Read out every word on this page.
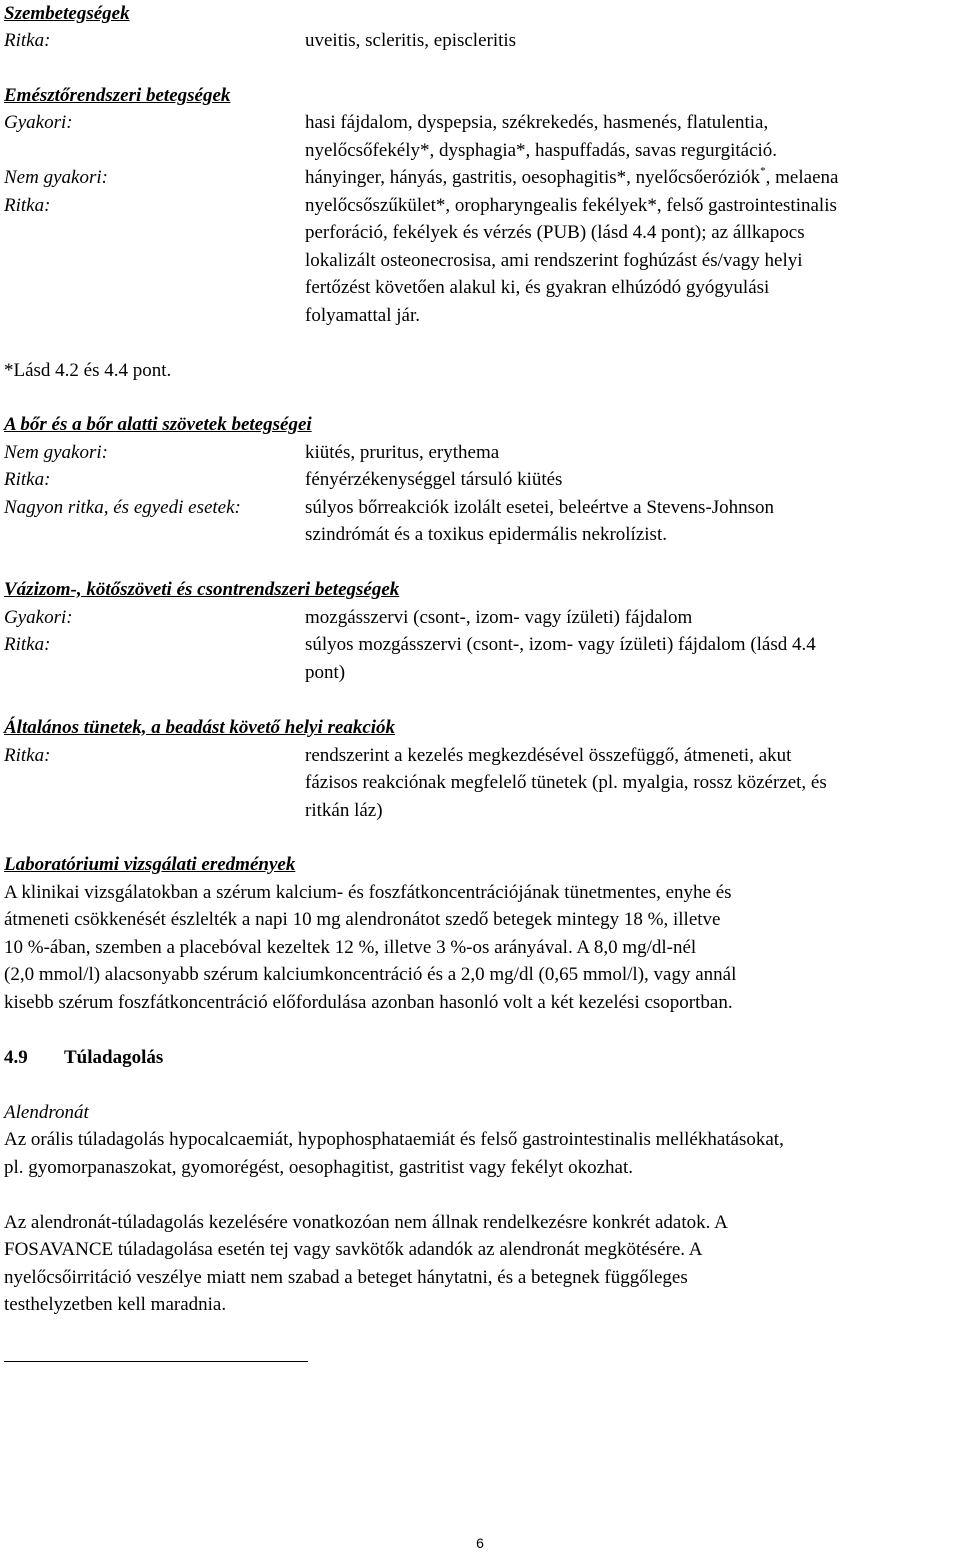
Szembetegségek
Ritka:	uveitis, scleritis, episcleritis
Emésztőrendszeri betegségek
Gyakori:	hasi fájdalom, dyspepsia, székrekedés, hasmenés, flatulentia,
nyelőcsőfekély*, dysphagia*, haspuffadás, savas regurgitáció.
Nem gyakori:	hányinger, hányás, gastritis, oesophagitis*, nyelőcsőeróziók*, melaena
Ritka:	nyelőcsőszűkület*, oropharyngealis fekélyek*, felső gastrointestinalis
perforáció, fekélyek és vérzés (PUB) (lásd 4.4 pont); az állkapocs
lokalizált osteonecrosisa, ami rendszerint foghúzást és/vagy helyi
fertőzést követően alakul ki, és gyakran elhúzódó gyógyulási
folyamattal jár.
*Lásd 4.2 és 4.4 pont.
A bőr és a bőr alatti szövetek betegségei
Nem gyakori:	kiütés, pruritus, erythema
Ritka:	fényérzékenységgel társuló kiütés
Nagyon ritka, és egyedi esetek:	súlyos bőrreakciók izolált esetei, beleértve a Stevens-Johnson
szindrómát és a toxikus epidermális nekrolízist.
Vázizom-, kötőszöveti és csontrendszeri betegségek
Gyakori:	mozgásszervi (csont-, izom- vagy ízületi) fájdalom
Ritka:	súlyos mozgásszervi (csont-, izom- vagy ízületi) fájdalom (lásd 4.4
pont)
Általános tünetek, a beadást követő helyi reakciók
Ritka:	rendszerint a kezelés megkezdésével összefüggő, átmeneti, akut
fázisos reakciónak megfelelő tünetek (pl. myalgia, rossz közérzet, és
ritkán láz)
Laboratóriumi vizsgálati eredmények
A klinikai vizsgálatokban a szérum kalcium- és foszfátkoncentrációjának tünetmentes, enyhe és
átmeneti csökkenését észlelték a napi 10 mg alendronátot szedő betegek mintegy 18 %, illetve
10 %-ában, szemben a placebóval kezeltek 12 %, illetve 3 %-os arányával. A 8,0 mg/dl-nél
(2,0 mmol/l) alacsonyabb szérum kalciumkoncentráció és a 2,0 mg/dl (0,65 mmol/l), vagy annál
kisebb szérum foszfátkoncentráció előfordulása azonban hasonló volt a két kezelési csoportban.
4.9 Túladagolás
Alendronát
Az orális túladagolás hypocalcaemiát, hypophosphataemiát és felső gastrointestinalis mellékhatásokat,
pl. gyomorpanaszokat, gyomorégést, oesophagitist, gastritist vagy fekélyt okozhat.
Az alendronát-túladagolás kezelésére vonatkozóan nem állnak rendelkezésre konkrét adatok. A
FOSAVANCE túladagolása esetén tej vagy savkötők adandók az alendronát megkötésére. A
nyelőcsőirritáció veszélye miatt nem szabad a beteget hánytatni, és a betegnek függőleges
testhelyzetben kell maradnia.
6
